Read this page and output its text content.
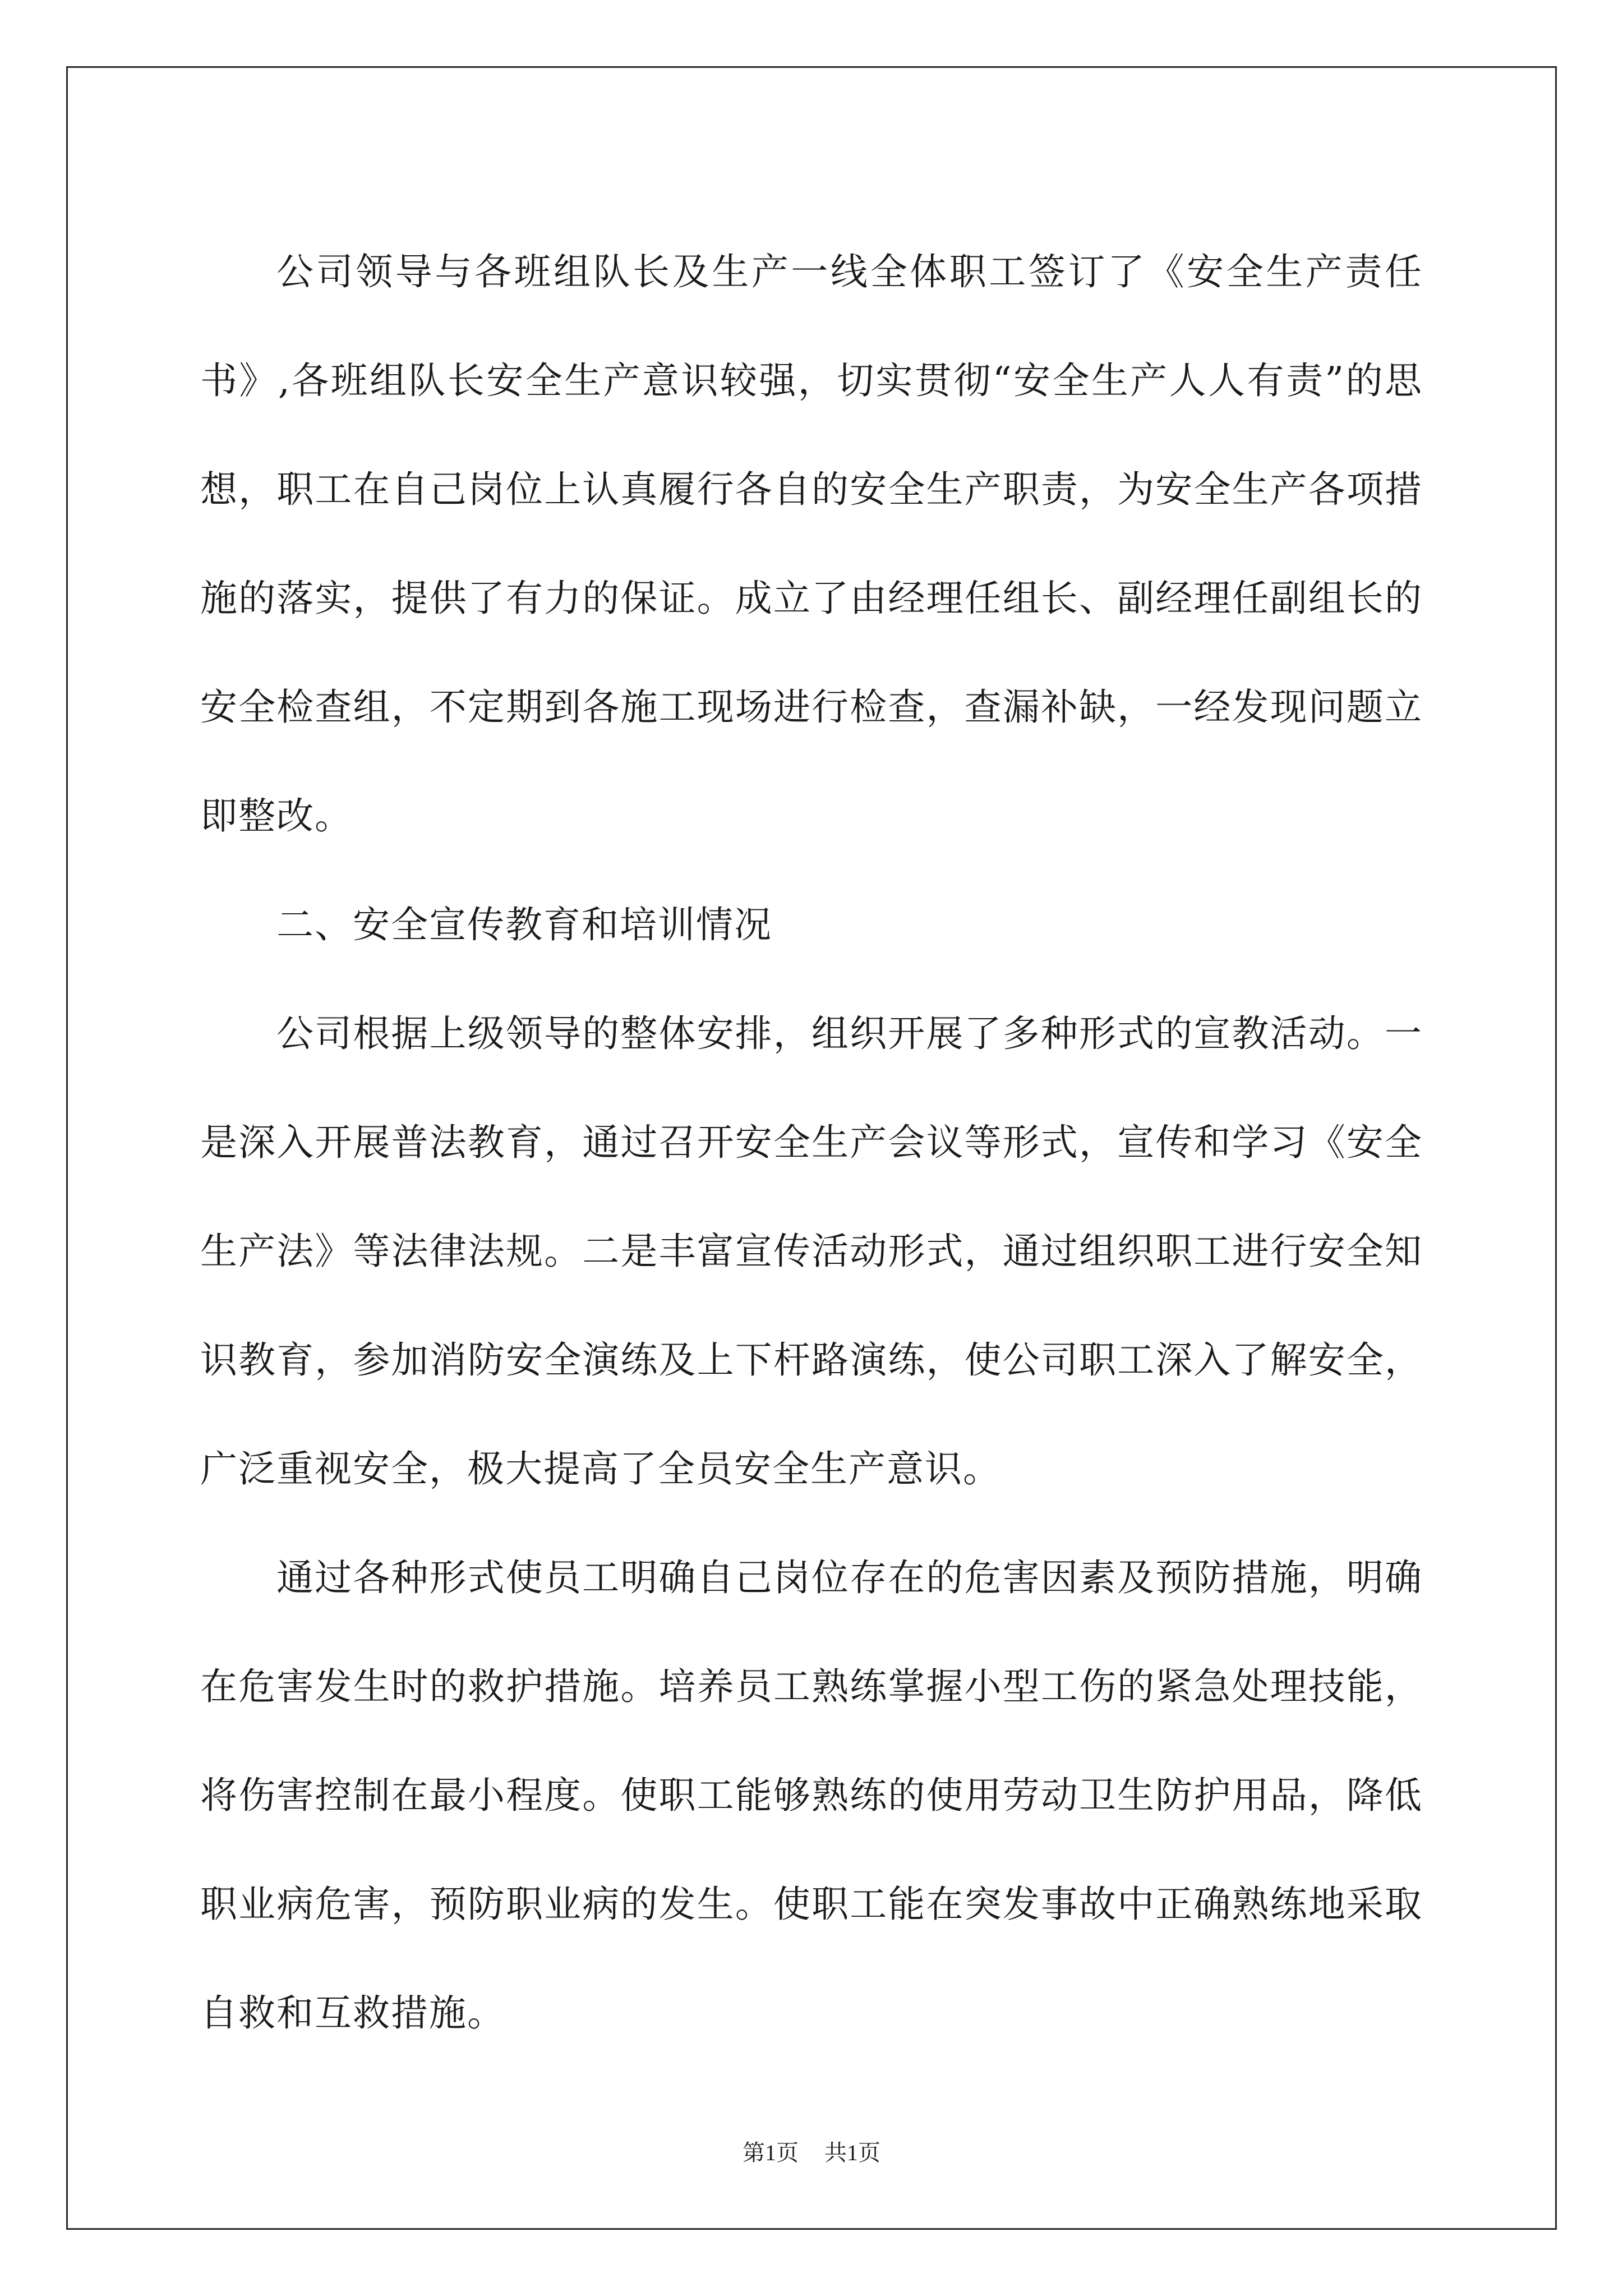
公司领导与各班组队长及生产一线全体职工签订了《安全生产责任书》,各班组队长安全生产意识较强，切实贯彻“安全生产人人有责”的思想，职工在自己岗位上认真履行各自的安全生产职责，为安全生产各项措施的落实，提供了有力的保证。成立了由经理任组长、副经理任副组长的安全检查组，不定期到各施工现场进行检查，查漏补缺，一经发现问题立即整改。

二、安全宣传教育和培训情况

公司根据上级领导的整体安排，组织开展了多种形式的宣教活动。一是深入开展普法教育，通过召开安全生产会议等形式，宣传和学习《安全生产法》等法律法规。二是丰富宣传活动形式，通过组织职工进行安全知识教育，参加消防安全演练及上下杆路演练，使公司职工深入了解安全，广泛重视安全，极大提高了全员安全生产意识。

通过各种形式使员工明确自己岗位存在的危害因素及预防措施，明确在危害发生时的救护措施。培养员工熟练掌握小型工伤的紧急处理技能，将伤害控制在最小程度。使职工能够熟练的使用劳动卫生防护用品，降低职业病危害，预防职业病的发生。使职工能在突发事故中正确熟练地采取自救和互救措施。

第1页 共1页
